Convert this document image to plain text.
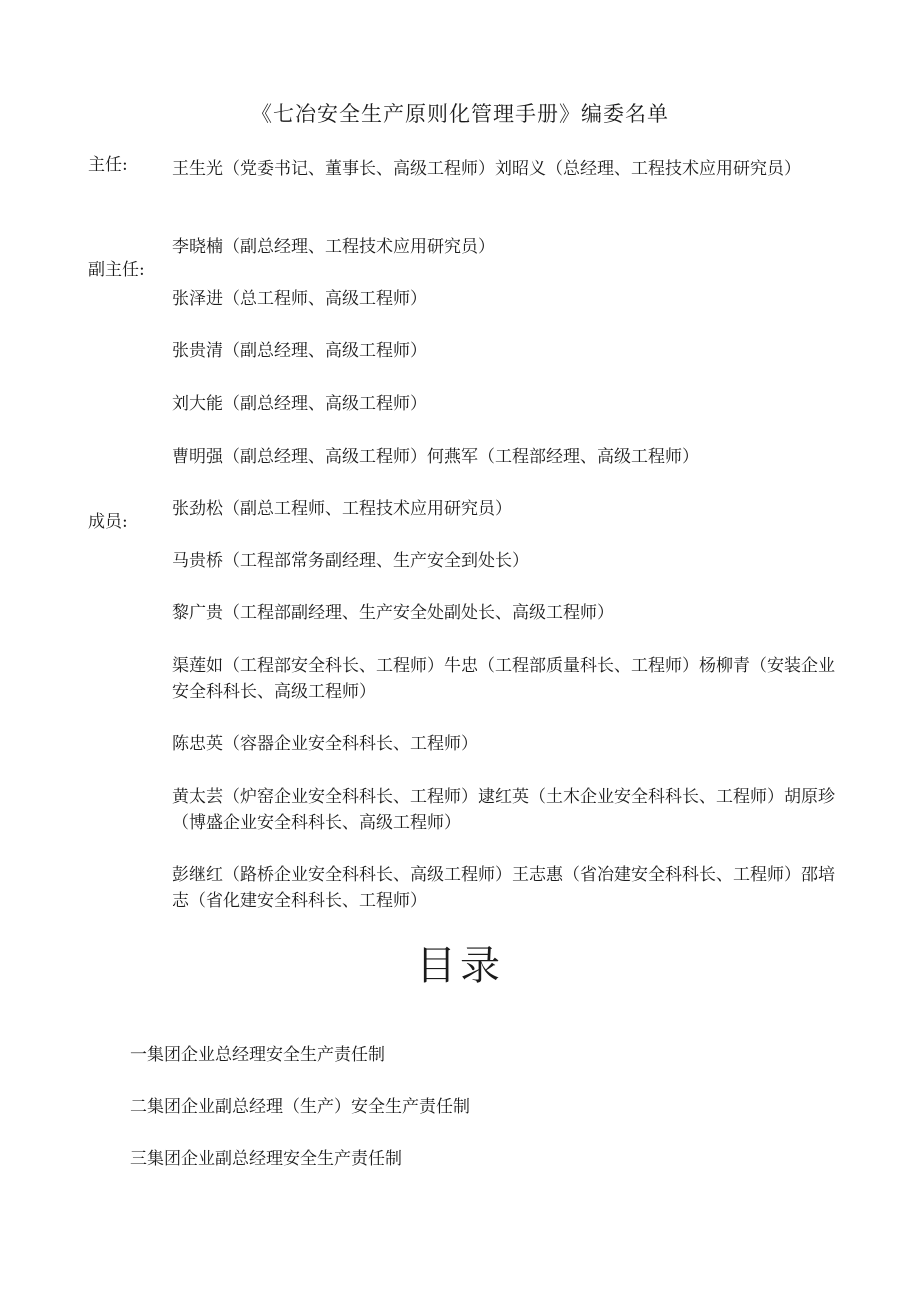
《七冶安全生产原则化管理手册》编委名单
主任:
副主任:
成员:
王生光（党委书记、董事长、高级工程师）刘昭义（总经理、工程技术应用研究员）
李晓楠（副总经理、工程技术应用研究员）
张泽进（总工程师、高级工程师）
张贵清（副总经理、高级工程师）
刘大能（副总经理、高级工程师）
曹明强（副总经理、高级工程师）何燕军（工程部经理、高级工程师）
张劲松（副总工程师、工程技术应用研究员）
马贵桥（工程部常务副经理、生产安全到处长）
黎广贵（工程部副经理、生产安全处副处长、高级工程师）
渠莲如（工程部安全科长、工程师）牛忠（工程部质量科长、工程师）杨柳青（安装企业安全科科长、高级工程师）
陈忠英（容器企业安全科科长、工程师）
黄太芸（炉窑企业安全科科长、工程师）逮红英（土木企业安全科科长、工程师）胡原珍（博盛企业安全科科长、高级工程师）
彭继红（路桥企业安全科科长、高级工程师）王志惠（省冶建安全科科长、工程师）邵培志（省化建安全科科长、工程师）
目录
一集团企业总经理安全生产责任制
二集团企业副总经理（生产）安全生产责任制
三集团企业副总经理安全生产责任制
